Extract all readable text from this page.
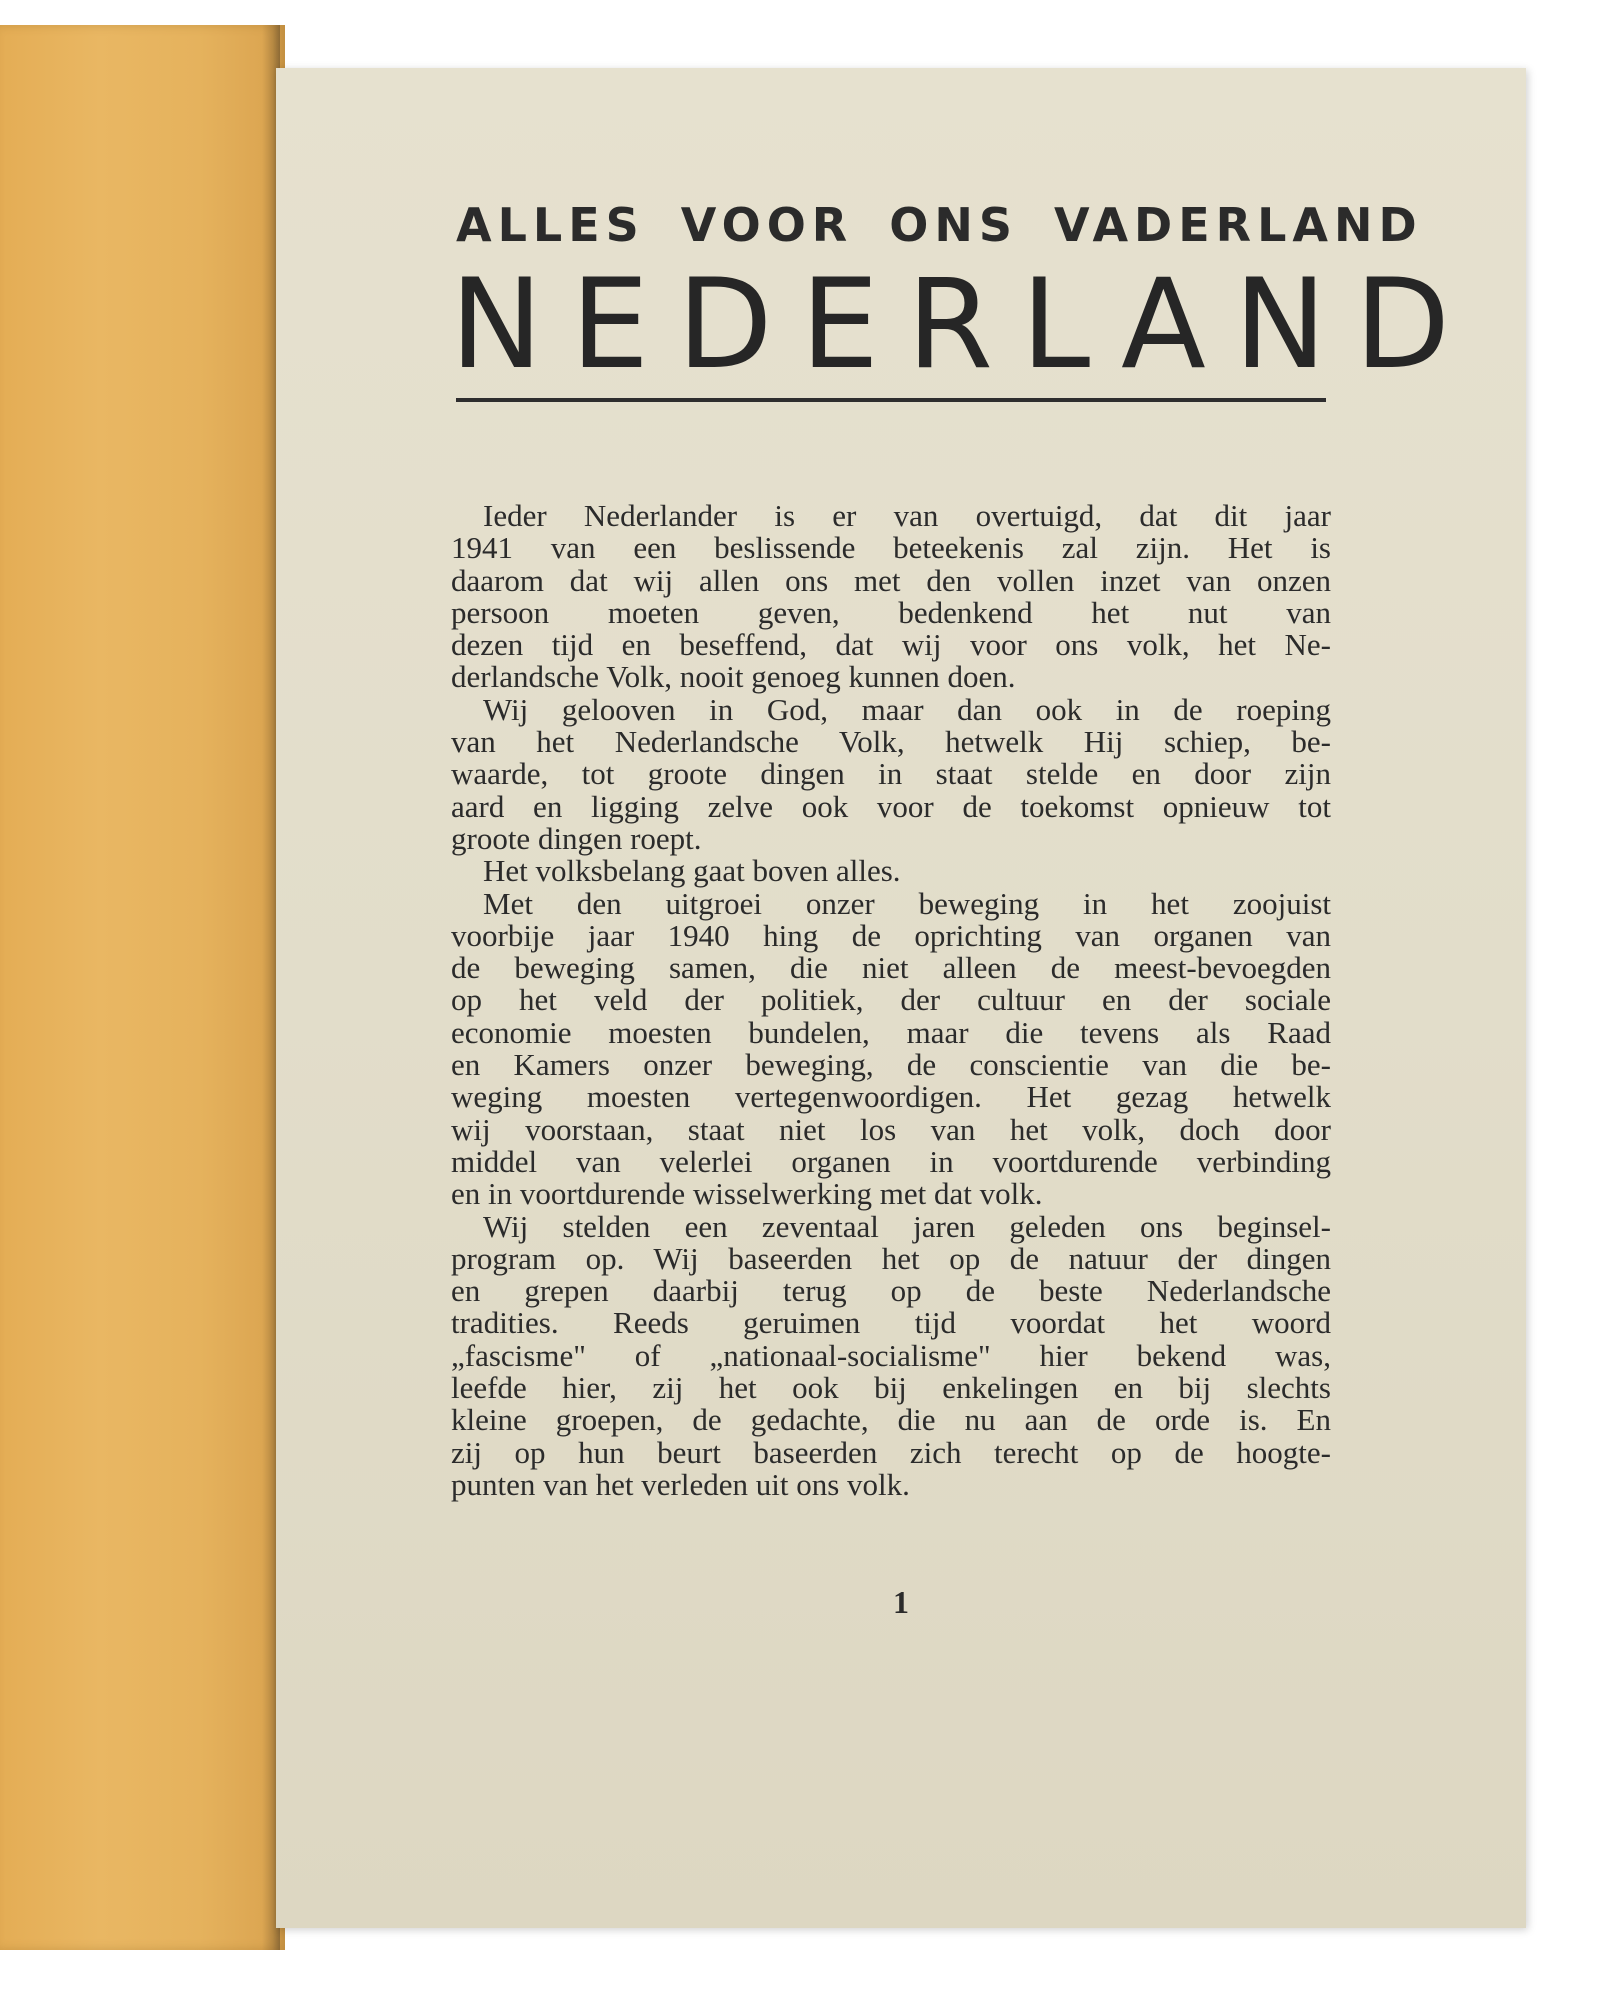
ALLES VOOR ONS VADERLAND
NEDERLAND

Ieder Nederlander is er van overtuigd, dat dit jaar
1941 van een beslissende beteekenis zal zijn. Het is
daarom dat wij allen ons met den vollen inzet van onzen
persoon moeten geven, bedenkend het nut van
dezen tijd en beseffend, dat wij voor ons volk, het Ne-
derlandsche Volk, nooit genoeg kunnen doen.

Wij gelooven in God, maar dan ook in de roeping
van het Nederlandsche Volk, hetwelk Hij schiep, be-
waarde, tot groote dingen in staat stelde en door zijn
aard en ligging zelve ook voor de toekomst opnieuw tot
groote dingen roept.

Het volksbelang gaat boven alles.

Met den uitgroei onzer beweging in het zoojuist
voorbije jaar 1940 hing de oprichting van organen van
de beweging samen, die niet alleen de meest-bevoegden
op het veld der politiek, der cultuur en der sociale
economie moesten bundelen, maar die tevens als Raad
en Kamers onzer beweging, de conscientie van die be-
weging moesten vertegenwoordigen. Het gezag hetwelk
wij voorstaan, staat niet los van het volk, doch door
middel van velerlei organen in voortdurende verbinding
en in voortdurende wisselwerking met dat volk.

Wij stelden een zeventaal jaren geleden ons beginsel-
program op. Wij baseerden het op de natuur der dingen
en grepen daarbij terug op de beste Nederlandsche
tradities. Reeds geruimen tijd voordat het woord
„fascisme" of „nationaal-socialisme" hier bekend was,
leefde hier, zij het ook bij enkelingen en bij slechts
kleine groepen, de gedachte, die nu aan de orde is. En
zij op hun beurt baseerden zich terecht op de hoogte-
punten van het verleden uit ons volk.

1
